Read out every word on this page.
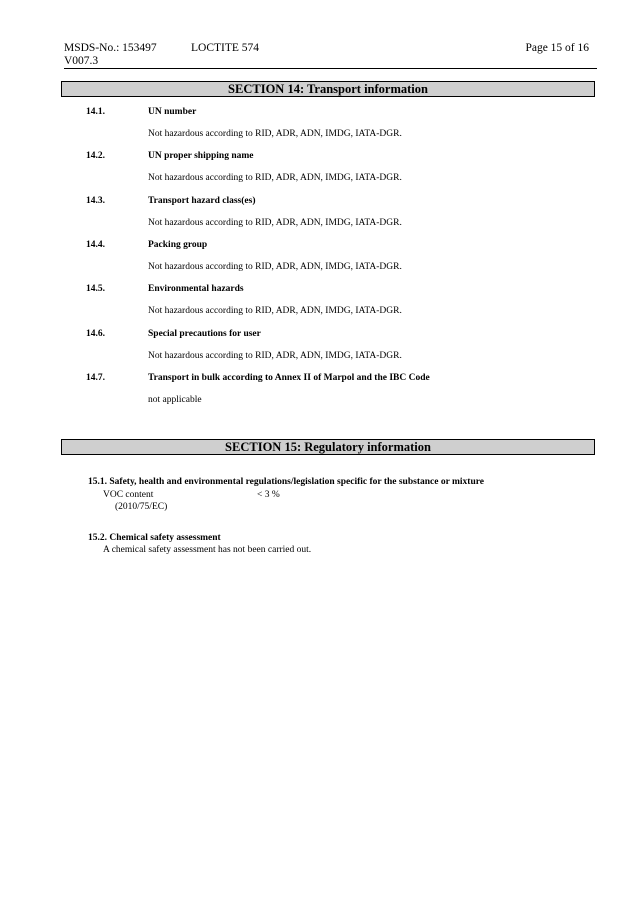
MSDS-No.: 153497	LOCTITE 574	Page 15 of 16
V007.3
SECTION 14: Transport information
14.1.	UN number
Not hazardous according to RID, ADR, ADN, IMDG, IATA-DGR.
14.2.	UN proper shipping name
Not hazardous according to RID, ADR, ADN, IMDG, IATA-DGR.
14.3.	Transport hazard class(es)
Not hazardous according to RID, ADR, ADN, IMDG, IATA-DGR.
14.4.	Packing group
Not hazardous according to RID, ADR, ADN, IMDG, IATA-DGR.
14.5.	Environmental hazards
Not hazardous according to RID, ADR, ADN, IMDG, IATA-DGR.
14.6.	Special precautions for user
Not hazardous according to RID, ADR, ADN, IMDG, IATA-DGR.
14.7.	Transport in bulk according to Annex II of Marpol and the IBC Code
not applicable
SECTION 15: Regulatory information
15.1. Safety, health and environmental regulations/legislation specific for the substance or mixture
VOC content	< 3 %
(2010/75/EC)
15.2. Chemical safety assessment
A chemical safety assessment has not been carried out.
